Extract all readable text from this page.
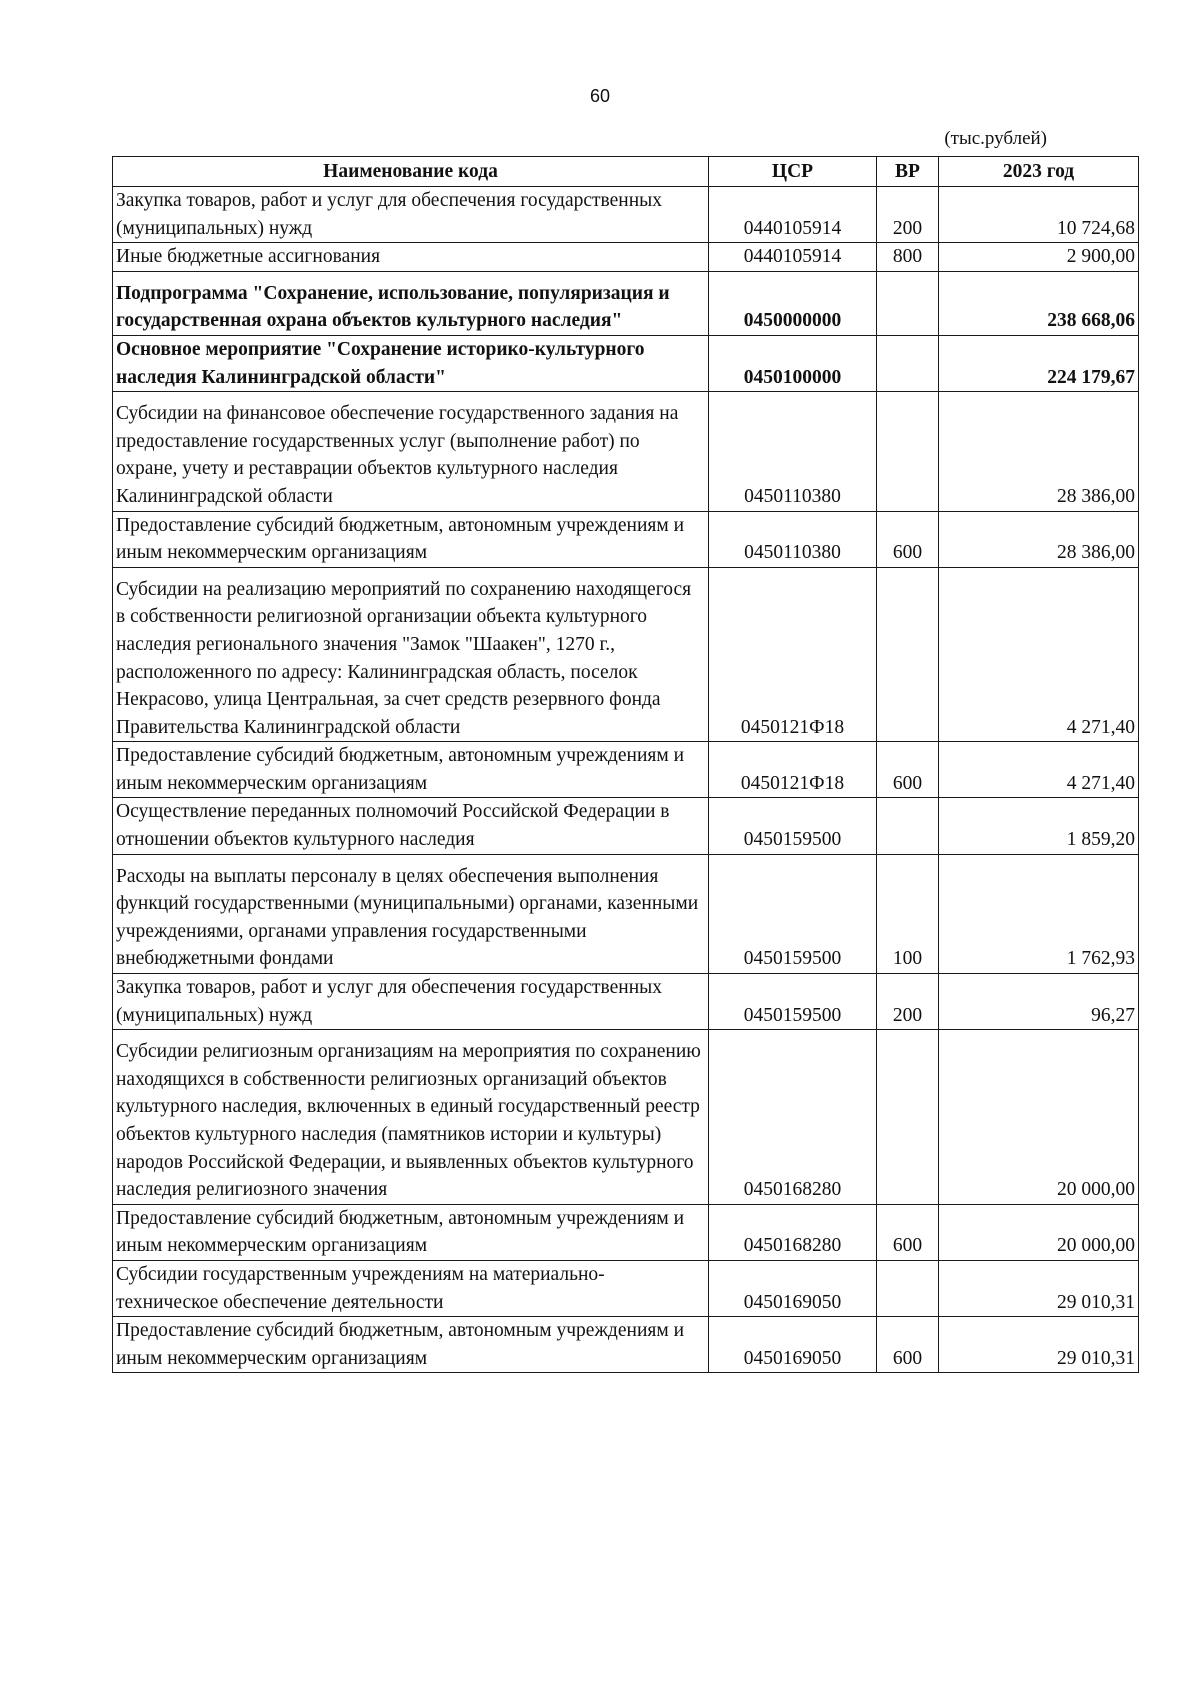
60
(тыс.рублей)
Наименование кода	ЦСР	ВР	2023 год
Закупка товаров, работ и услуг для обеспечения государственных (муниципальных) нужд	0440105914	200	10 724,68
Иные бюджетные ассигнования	0440105914	800	2 900,00
Подпрограмма "Сохранение, использование, популяризация и государственная охрана объектов культурного наследия"	0450000000		238 668,06
Основное мероприятие "Сохранение историко-культурного наследия Калининградской области"	0450100000		224 179,67
Субсидии на финансовое обеспечение государственного задания на предоставление государственных услуг (выполнение работ) по охране, учету и реставрации объектов культурного наследия Калининградской области	0450110380		28 386,00
Предоставление субсидий бюджетным, автономным учреждениям и иным некоммерческим организациям	0450110380	600	28 386,00
Субсидии на реализацию мероприятий по сохранению находящегося в собственности религиозной организации объекта культурного наследия регионального значения "Замок "Шаакен", 1270 г., расположенного по адресу: Калининградская область, поселок Некрасово, улица Центральная, за счет средств резервного фонда Правительства Калининградской области	0450121Ф18		4 271,40
Предоставление субсидий бюджетным, автономным учреждениям и иным некоммерческим организациям	0450121Ф18	600	4 271,40
Осуществление переданных полномочий Российской Федерации в отношении объектов культурного наследия	0450159500		1 859,20
Расходы на выплаты персоналу в целях обеспечения выполнения функций государственными (муниципальными) органами, казенными учреждениями, органами управления государственными внебюджетными фондами	0450159500	100	1 762,93
Закупка товаров, работ и услуг для обеспечения государственных (муниципальных) нужд	0450159500	200	96,27
Субсидии религиозным организациям на мероприятия по сохранению находящихся в собственности религиозных организаций объектов культурного наследия, включенных в единый государственный реестр объектов культурного наследия (памятников истории и культуры) народов Российской Федерации, и выявленных объектов культурного наследия религиозного значения	0450168280		20 000,00
Предоставление субсидий бюджетным, автономным учреждениям и иным некоммерческим организациям	0450168280	600	20 000,00
Субсидии государственным учреждениям на материально-техническое обеспечение деятельности	0450169050		29 010,31
Предоставление субсидий бюджетным, автономным учреждениям и иным некоммерческим организациям	0450169050	600	29 010,31
